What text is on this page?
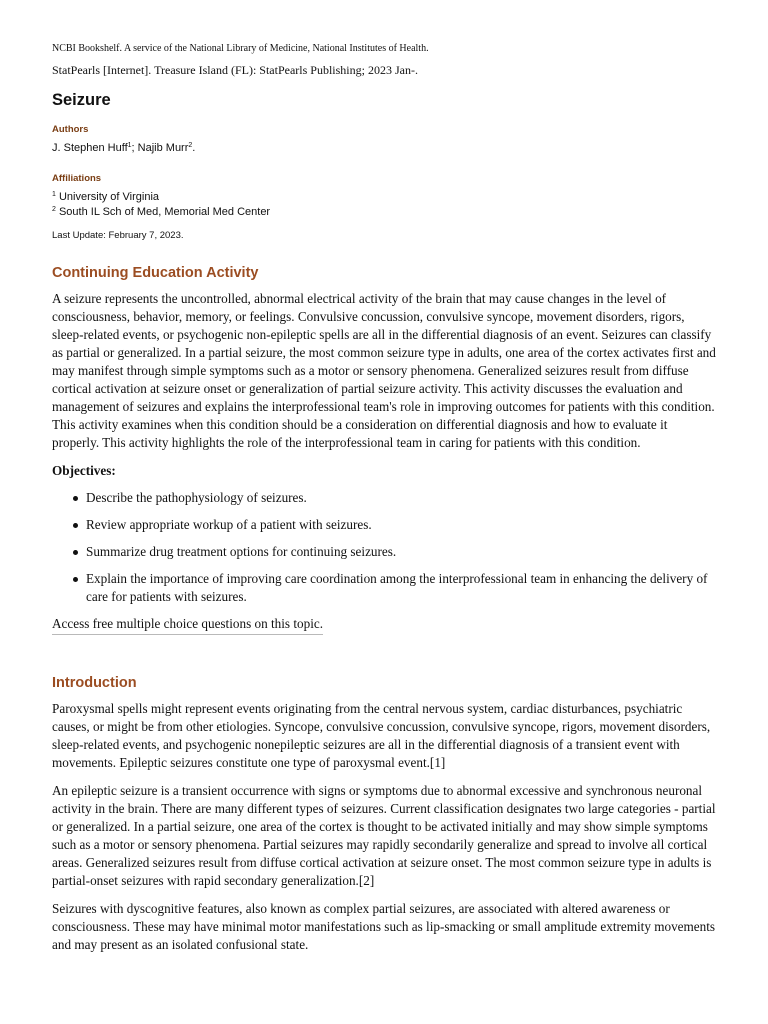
NCBI Bookshelf. A service of the National Library of Medicine, National Institutes of Health.

StatPearls [Internet]. Treasure Island (FL): StatPearls Publishing; 2023 Jan-.

Seizure
Authors

J. Stephen Huff$^1$; Najib Murr$^2$.

Affiliations

$^1$ University of Virginia

$^2$ South IL Sch of Med, Memorial Med Center

Last Update: February 7, 2023.

Continuing Education Activity

A seizure represents the uncontrolled, abnormal electrical activity of the brain that may cause changes in the level of consciousness, behavior, memory, or feelings. Convulsive concussion, convulsive syncope, movement disorders, rigors, sleep-related events, or psychogenic non-epileptic spells are all in the differential diagnosis of an event. Seizures can classify as partial or generalized. In a partial seizure, the most common seizure type in adults, one area of the cortex activates first and may manifest through simple symptoms such as a motor or sensory phenomena. Generalized seizures result from diffuse cortical activation at seizure onset or generalization of partial seizure activity. This activity discusses the evaluation and management of seizures and explains the interprofessional team's role in improving outcomes for patients with this condition. This activity examines when this condition should be a consideration on differential diagnosis and how to evaluate it properly. This activity highlights the role of the interprofessional team in caring for patients with this condition.

Objectives:

Describe the pathophysiology of seizures.
Review appropriate workup of a patient with seizures.
Summarize drug treatment options for continuing seizures.
Explain the importance of improving care coordination among the interprofessional team in enhancing the delivery of care for patients with seizures.
Access free multiple choice questions on this topic.
Introduction

Paroxysmal spells might represent events originating from the central nervous system, cardiac disturbances, psychiatric causes, or might be from other etiologies. Syncope, convulsive concussion, convulsive syncope, rigors, movement disorders, sleep-related events, and psychogenic nonepileptic seizures are all in the differential diagnosis of a transient event with movements. Epileptic seizures constitute one type of paroxysmal event.[1]

An epileptic seizure is a transient occurrence with signs or symptoms due to abnormal excessive and synchronous neuronal activity in the brain. There are many different types of seizures. Current classification designates two large categories - partial or generalized. In a partial seizure, one area of the cortex is thought to be activated initially and may show simple symptoms such as a motor or sensory phenomena. Partial seizures may rapidly secondarily generalize and spread to involve all cortical areas. Generalized seizures result from diffuse cortical activation at seizure onset. The most common seizure type in adults is partial-onset seizures with rapid secondary generalization.[2]

Seizures with dyscognitive features, also known as complex partial seizures, are associated with altered awareness or consciousness. These may have minimal motor manifestations such as lip-smacking or small amplitude extremity movements and may present as an isolated confusional state.
